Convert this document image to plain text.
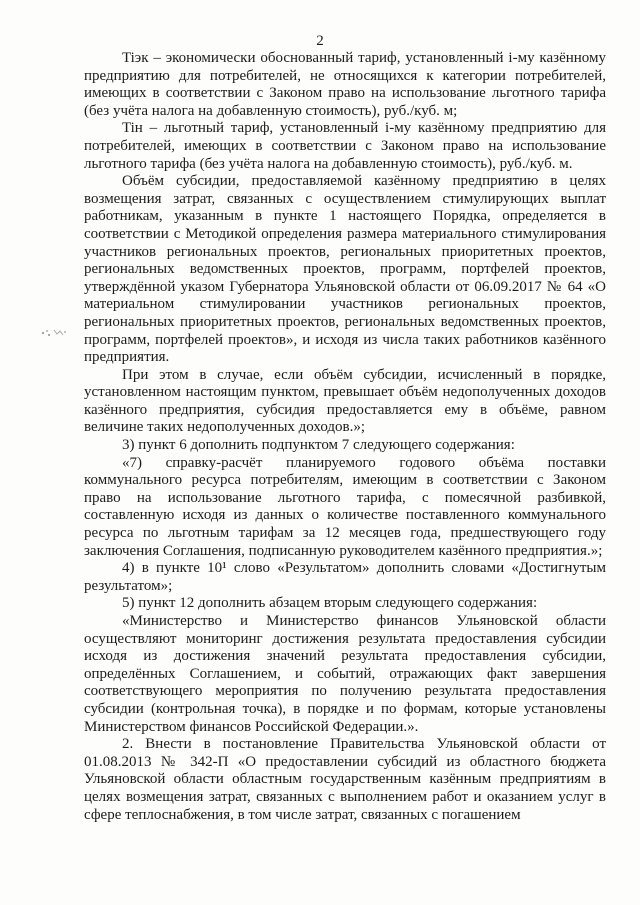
2

Tiэк – экономически обоснованный тариф, установленный i-му казённому предприятию для потребителей, не относящихся к категории потребителей, имеющих в соответствии с Законом право на использование льготного тарифа (без учёта налога на добавленную стоимость), руб./куб. м;

Tiн – льготный тариф, установленный i-му казённому предприятию для потребителей, имеющих в соответствии с Законом право на использование льготного тарифа (без учёта налога на добавленную стоимость), руб./куб. м.

Объём субсидии, предоставляемой казённому предприятию в целях возмещения затрат, связанных с осуществлением стимулирующих выплат работникам, указанным в пункте 1 настоящего Порядка, определяется в соответствии с Методикой определения размера материального стимулирования участников региональных проектов, региональных приоритетных проектов, региональных ведомственных проектов, программ, портфелей проектов, утверждённой указом Губернатора Ульяновской области от 06.09.2017 № 64 «О материальном стимулировании участников региональных проектов, региональных приоритетных проектов, региональных ведомственных проектов, программ, портфелей проектов», и исходя из числа таких работников казённого предприятия.

При этом в случае, если объём субсидии, исчисленный в порядке, установленном настоящим пунктом, превышает объём недополученных доходов казённого предприятия, субсидия предоставляется ему в объёме, равном величине таких недополученных доходов.»;

3) пункт 6 дополнить подпунктом 7 следующего содержания:

«7) справку-расчёт планируемого годового объёма поставки коммунального ресурса потребителям, имеющим в соответствии с Законом право на использование льготного тарифа, с помесячной разбивкой, составленную исходя из данных о количестве поставленного коммунального ресурса по льготным тарифам за 12 месяцев года, предшествующего году заключения Соглашения, подписанную руководителем казённого предприятия.»;

4) в пункте 10¹ слово «Результатом» дополнить словами «Достигнутым результатом»;

5) пункт 12 дополнить абзацем вторым следующего содержания:

«Министерство и Министерство финансов Ульяновской области осуществляют мониторинг достижения результата предоставления субсидии исходя из достижения значений результата предоставления субсидии, определённых Соглашением, и событий, отражающих факт завершения соответствующего мероприятия по получению результата предоставления субсидии (контрольная точка), в порядке и по формам, которые установлены Министерством финансов Российской Федерации.».

2. Внести в постановление Правительства Ульяновской области от 01.08.2013 № 342-П «О предоставлении субсидий из областного бюджета Ульяновской области областным государственным казённым предприятиям в целях возмещения затрат, связанных с выполнением работ и оказанием услуг в сфере теплоснабжения, в том числе затрат, связанных с погашением
